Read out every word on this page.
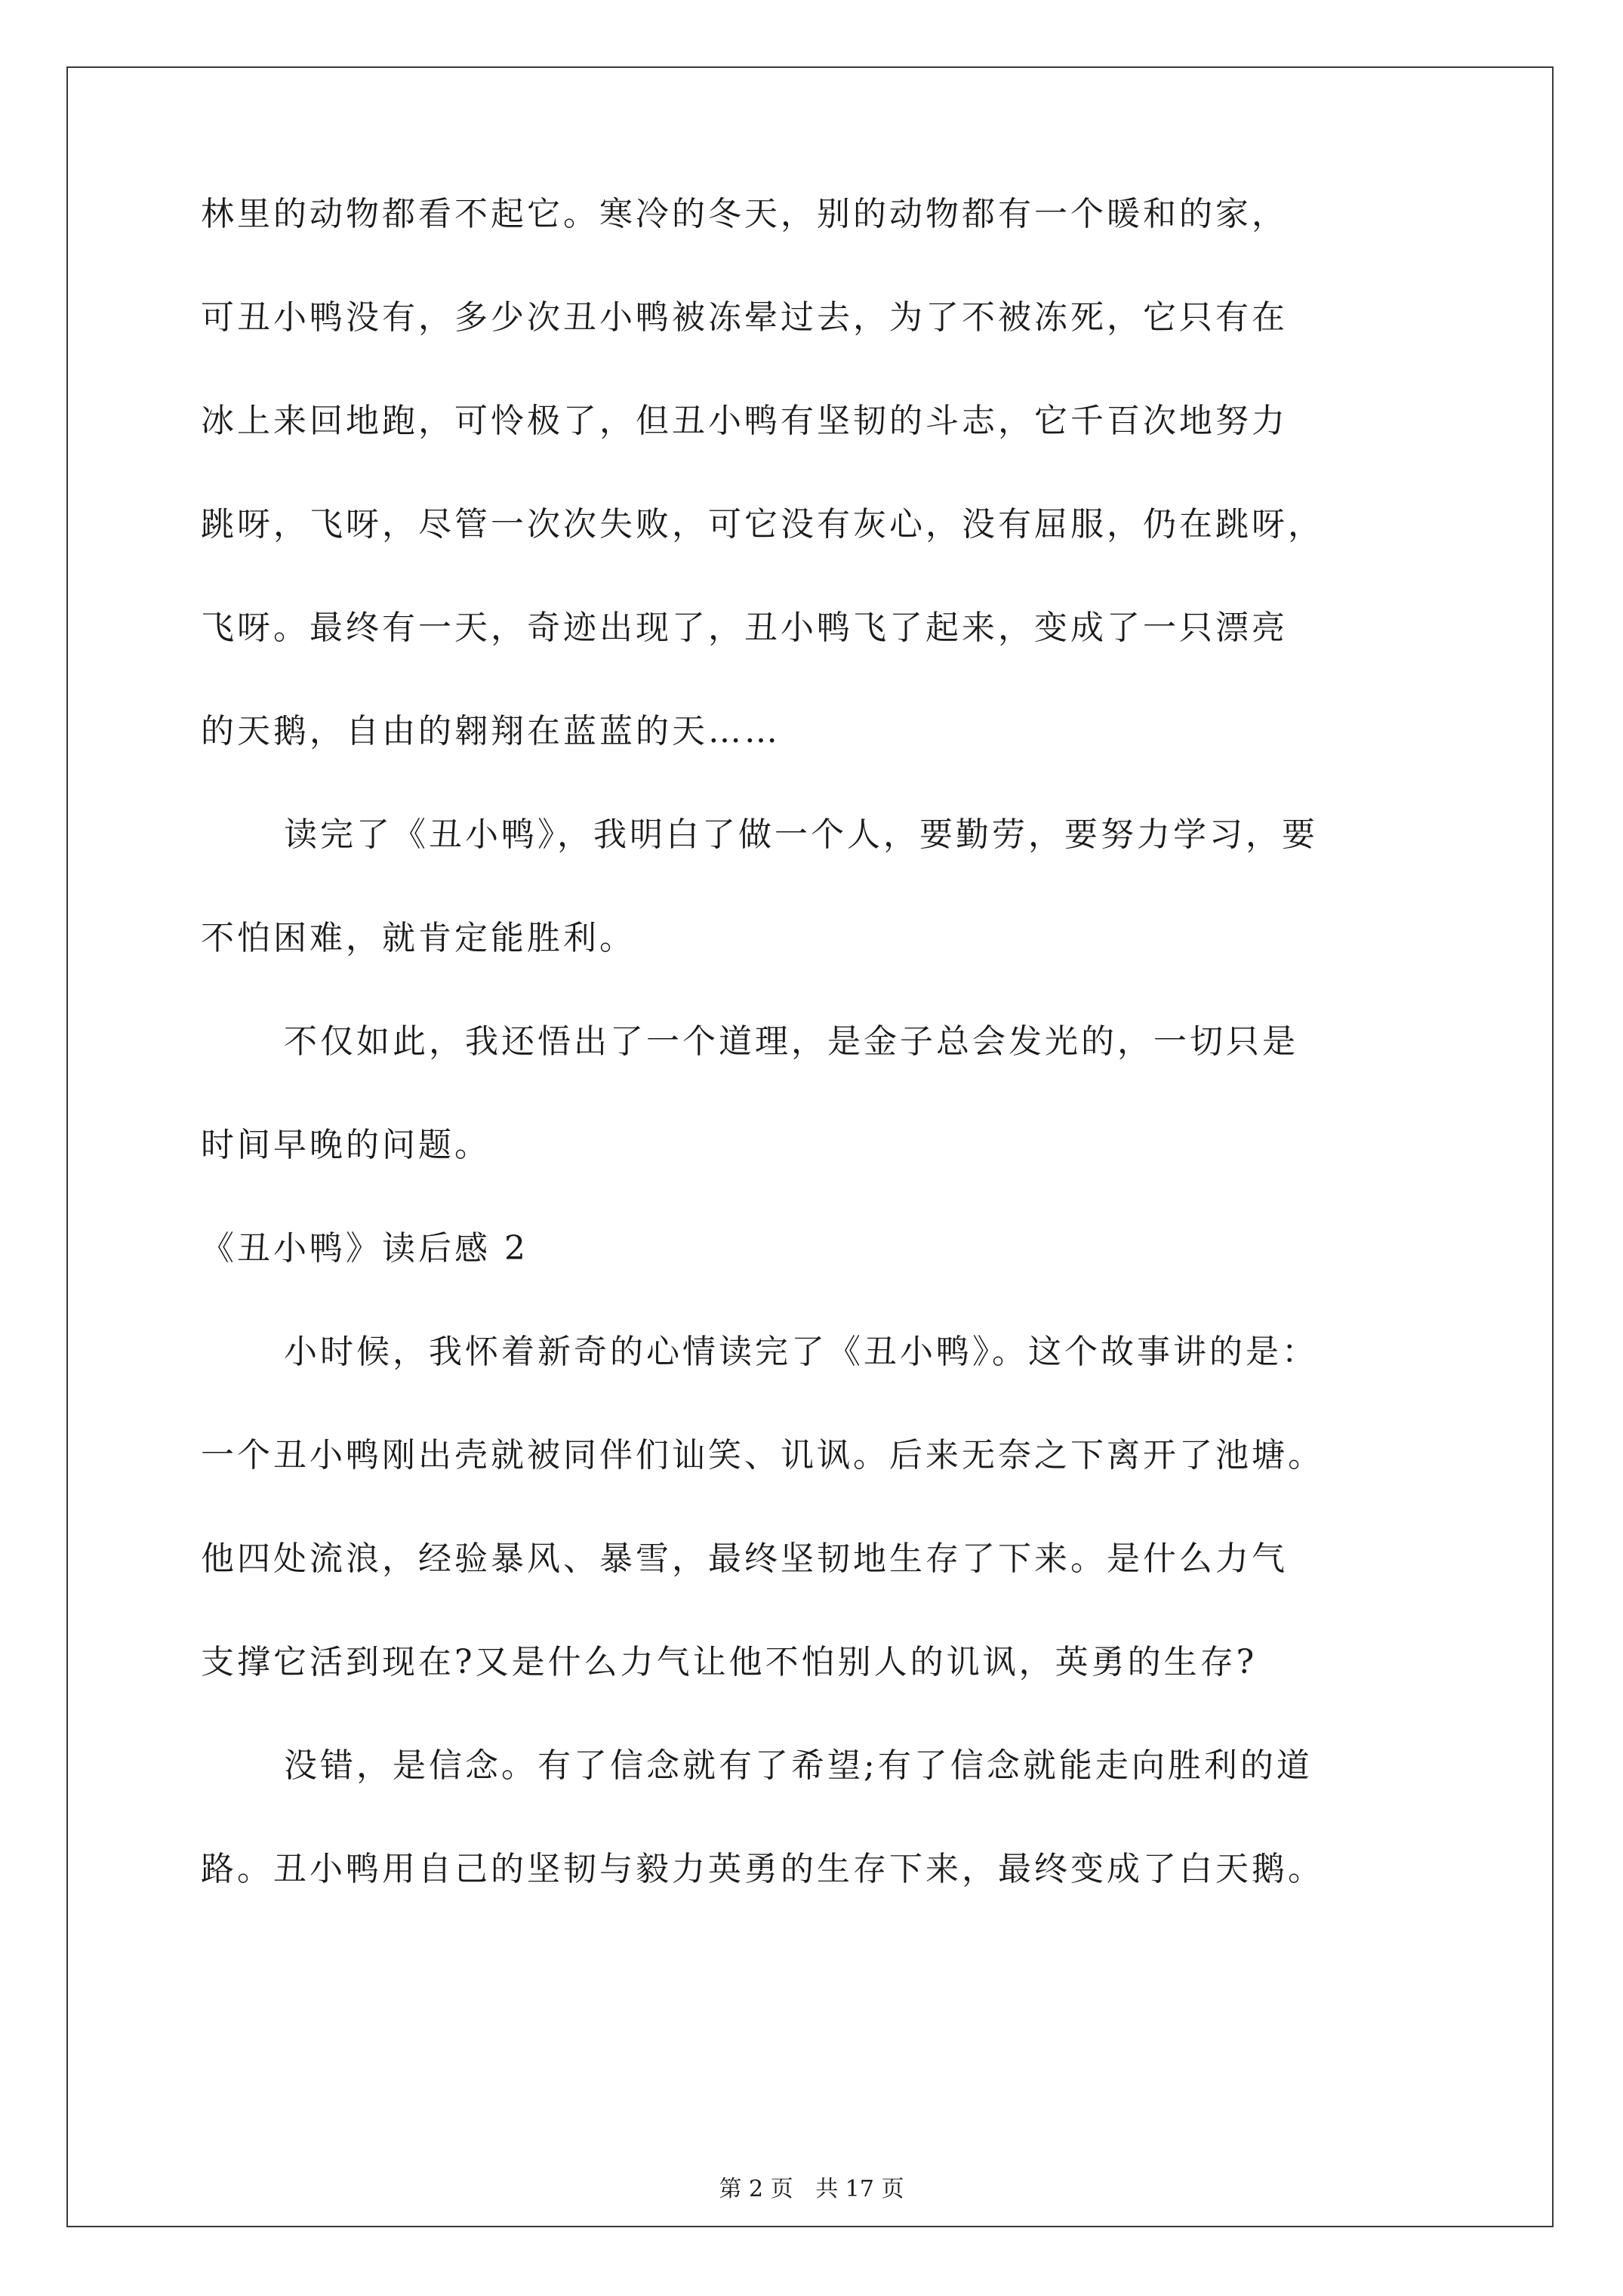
林里的动物都看不起它。寒冷的冬天，别的动物都有一个暖和的家，
可丑小鸭没有，多少次丑小鸭被冻晕过去，为了不被冻死，它只有在
冰上来回地跑，可怜极了，但丑小鸭有坚韧的斗志，它千百次地努力
跳呀，飞呀，尽管一次次失败，可它没有灰心，没有屈服，仍在跳呀，
飞呀。最终有一天，奇迹出现了，丑小鸭飞了起来，变成了一只漂亮
的天鹅，自由的翱翔在蓝蓝的天……
读完了《丑小鸭》，我明白了做一个人，要勤劳，要努力学习，要
不怕困难，就肯定能胜利。
不仅如此，我还悟出了一个道理，是金子总会发光的，一切只是
时间早晚的问题。
《丑小鸭》读后感 2
小时候，我怀着新奇的心情读完了《丑小鸭》。这个故事讲的是：
一个丑小鸭刚出壳就被同伴们讪笑、讥讽。后来无奈之下离开了池塘。
他四处流浪，经验暴风、暴雪，最终坚韧地生存了下来。是什么力气
支撑它活到现在?又是什么力气让他不怕别人的讥讽，英勇的生存?
没错，是信念。有了信念就有了希望;有了信念就能走向胜利的道
路。丑小鸭用自己的坚韧与毅力英勇的生存下来，最终变成了白天鹅。
第 2 页 共 17 页
